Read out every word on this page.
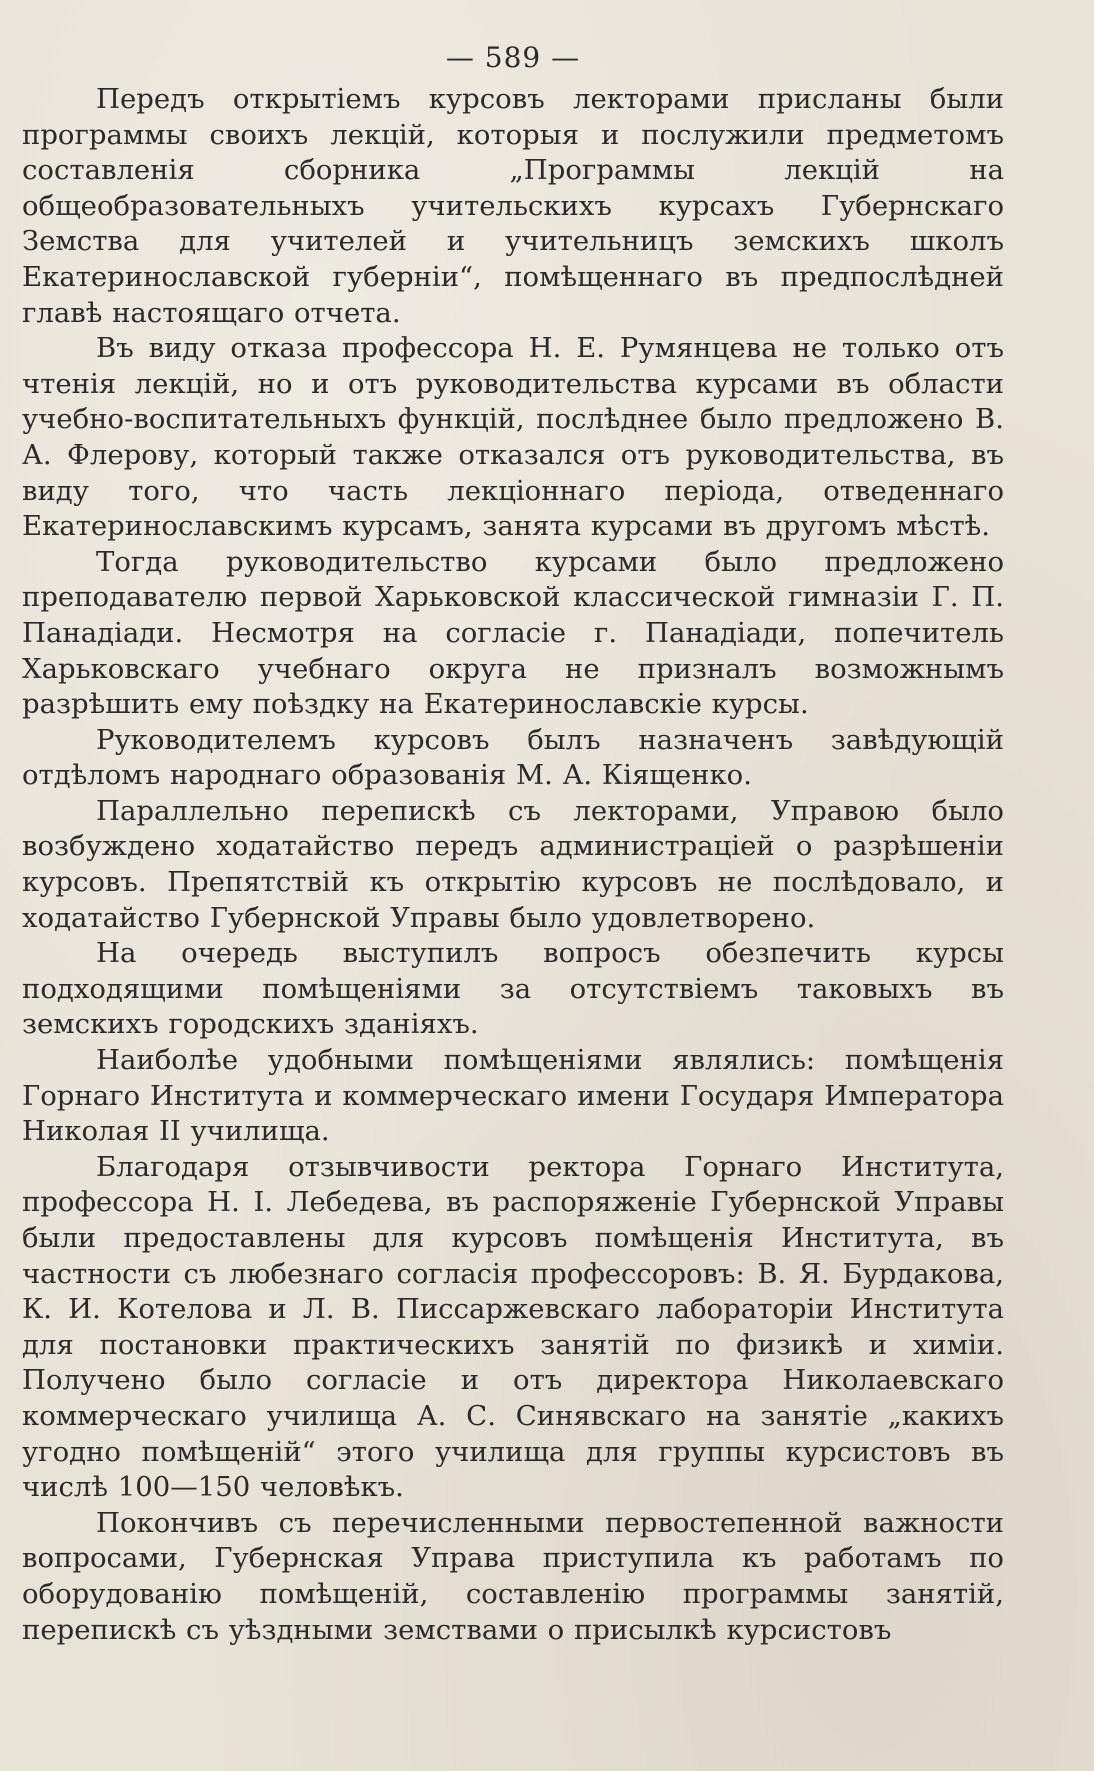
— 589 —

Передъ открытіемъ курсовъ лекторами присланы были программы своихъ лекцій, которыя и послужили предметомъ составленія сборника „Программы лекцій на общеобразовательныхъ учительскихъ курсахъ Губернскаго Земства для учителей и учительницъ земскихъ школъ Екатеринославской губерніи“, помѣщеннаго въ предпослѣдней главѣ настоящаго отчета.

Въ виду отказа профессора Н. Е. Румянцева не только отъ чтенія лекцій, но и отъ руководительства курсами въ области учебно-воспитательныхъ функцій, послѣднее было предложено В. А. Флерову, который также отказался отъ руководительства, въ виду того, что часть лекціоннаго періода, отведеннаго Екатеринославскимъ курсамъ, занята курсами въ другомъ мѣстѣ.

Тогда руководительство курсами было предложено преподавателю первой Харьковской классической гимназіи Г. П. Панадіади. Несмотря на согласіе г. Панадіади, попечитель Харьковскаго учебнаго округа не призналъ возможнымъ разрѣшить ему поѣздку на Екатеринославскіе курсы.

Руководителемъ курсовъ былъ назначенъ завѣдующій отдѣломъ народнаго образованія М. А. Кіященко.

Параллельно перепискѣ съ лекторами, Управою было возбуждено ходатайство передъ администраціей о разрѣшеніи курсовъ. Препятствій къ открытію курсовъ не послѣдовало, и ходатайство Губернской Управы было удовлетворено.

На очередь выступилъ вопросъ обезпечить курсы подходящими помѣщеніями за отсутствіемъ таковыхъ въ земскихъ городскихъ зданіяхъ.

Наиболѣе удобными помѣщеніями являлись: помѣщенія Горнаго Института и коммерческаго имени Государя Императора Николая II училища.

Благодаря отзывчивости ректора Горнаго Института, профессора Н. І. Лебедева, въ распоряженіе Губернской Управы были предоставлены для курсовъ помѣщенія Института, въ частности съ любезнаго согласія профессоровъ: В. Я. Бурдакова, К. И. Котелова и Л. В. Писсаржевскаго лабораторіи Института для постановки практическихъ занятій по физикѣ и химіи. Получено было согласіе и отъ директора Николаевскаго коммерческаго училища А. С. Синявскаго на занятіе „какихъ угодно помѣщеній“ этого училища для группы курсистовъ въ числѣ 100—150 человѣкъ.

Покончивъ съ перечисленными первостепенной важности вопросами, Губернская Управа приступила къ работамъ по оборудованію помѣщеній, составленію программы занятій, перепискѣ съ уѣздными земствами о присылкѣ курсистовъ
